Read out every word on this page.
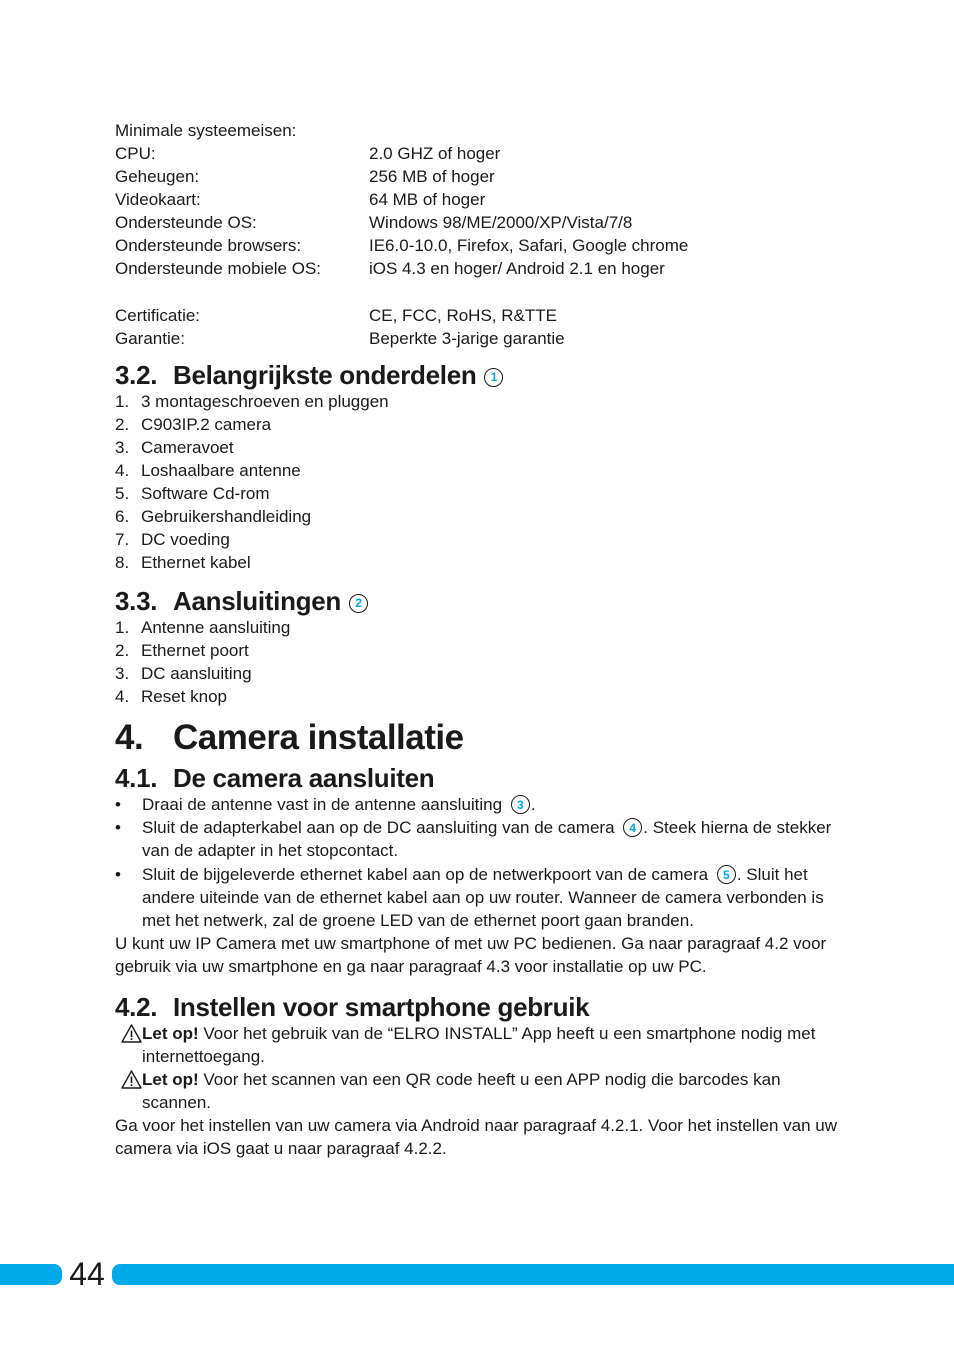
Minimale systeemeisen:
CPU:	2.0 GHZ of hoger
Geheugen:	256 MB of hoger
Videokaart:	64 MB of hoger
Ondersteunde OS:	Windows 98/ME/2000/XP/Vista/7/8
Ondersteunde browsers:	IE6.0-10.0, Firefox, Safari, Google chrome
Ondersteunde mobiele OS:	iOS 4.3 en hoger/ Android 2.1 en hoger
Certificatie:	CE, FCC, RoHS, R&TTE
Garantie:	Beperkte 3-jarige garantie
3.2. Belangrijkste onderdelen	1
1. 3 montageschroeven en pluggen
2. C903IP.2 camera
3. Cameravoet
4. Loshaalbare antenne
5. Software Cd-rom
6. Gebruikershandleiding
7. DC voeding
8. Ethernet kabel
3.3. Aansluitingen	2
1. Antenne aansluiting
2. Ethernet poort
3. DC aansluiting
4. Reset knop
4. Camera installatie
4.1. De camera aansluiten
•	Draai de antenne vast in de antenne aansluiting 3 .
•	Sluit de adapterkabel aan op de DC aansluiting van de camera 4 . Steek hierna de stekker van de adapter in het stopcontact.
•	Sluit de bijgeleverde ethernet kabel aan op de netwerkpoort van de camera 5 . Sluit het andere uiteinde van de ethernet kabel aan op uw router. Wanneer de camera verbonden is met het netwerk, zal de groene LED van de ethernet poort gaan branden.
U kunt uw IP Camera met uw smartphone of met uw PC bedienen. Ga naar paragraaf 4.2 voor gebruik via uw smartphone en ga naar paragraaf 4.3 voor installatie op uw PC.
4.2. Instellen voor smartphone gebruik
Let op! Voor het gebruik van de “ELRO INSTALL” App heeft u een smartphone nodig met internettoegang.
Let op! Voor het scannen van een QR code heeft u een APP nodig die barcodes kan scannen.
Ga voor het instellen van uw camera via Android naar paragraaf 4.2.1. Voor het instellen van uw camera via iOS gaat u naar paragraaf 4.2.2.
44
